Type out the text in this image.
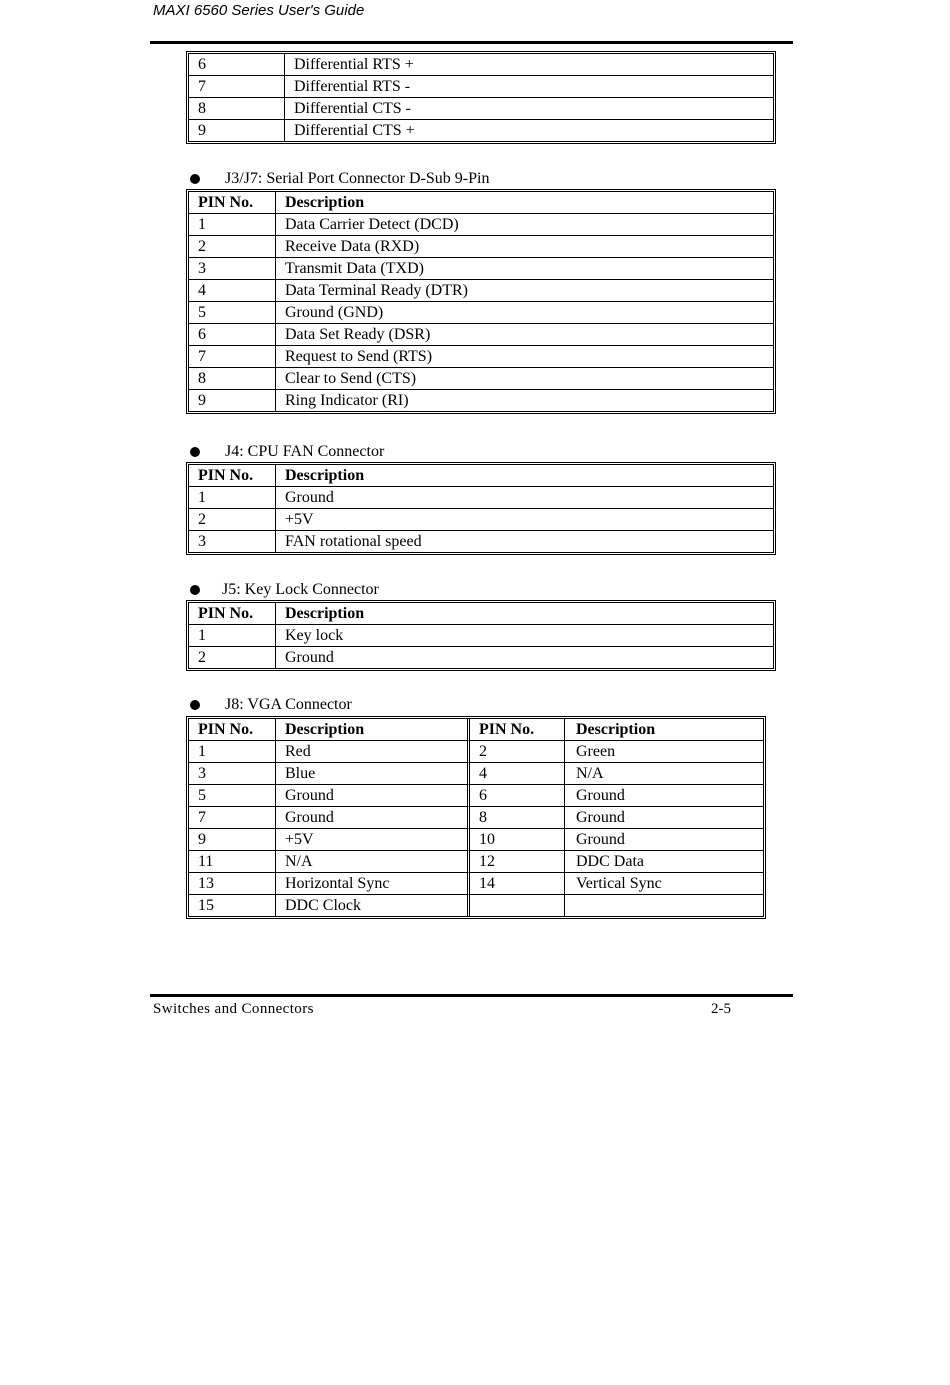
MAXI 6560 Series User's Guide
6	Differential RTS +
7	Differential RTS -
8	Differential CTS -
9	Differential CTS +
J3/J7: Serial Port Connector D-Sub 9-Pin
PIN No.	Description
1	Data Carrier Detect (DCD)
2	Receive Data (RXD)
3	Transmit Data (TXD)
4	Data Terminal Ready (DTR)
5	Ground (GND)
6	Data Set Ready (DSR)
7	Request to Send (RTS)
8	Clear to Send (CTS)
9	Ring Indicator (RI)
J4: CPU FAN Connector
PIN No.	Description
1	Ground
2	+5V
3	FAN rotational speed
J5: Key Lock Connector
PIN No.	Description
1	Key lock
2	Ground
J8: VGA Connector
PIN No.	Description	PIN No.	Description
1	Red	2	Green
3	Blue	4	N/A
5	Ground	6	Ground
7	Ground	8	Ground
9	+5V	10	Ground
11	N/A	12	DDC Data
13	Horizontal Sync	14	Vertical Sync
15	DDC Clock		
Switches and Connectors	2-5
